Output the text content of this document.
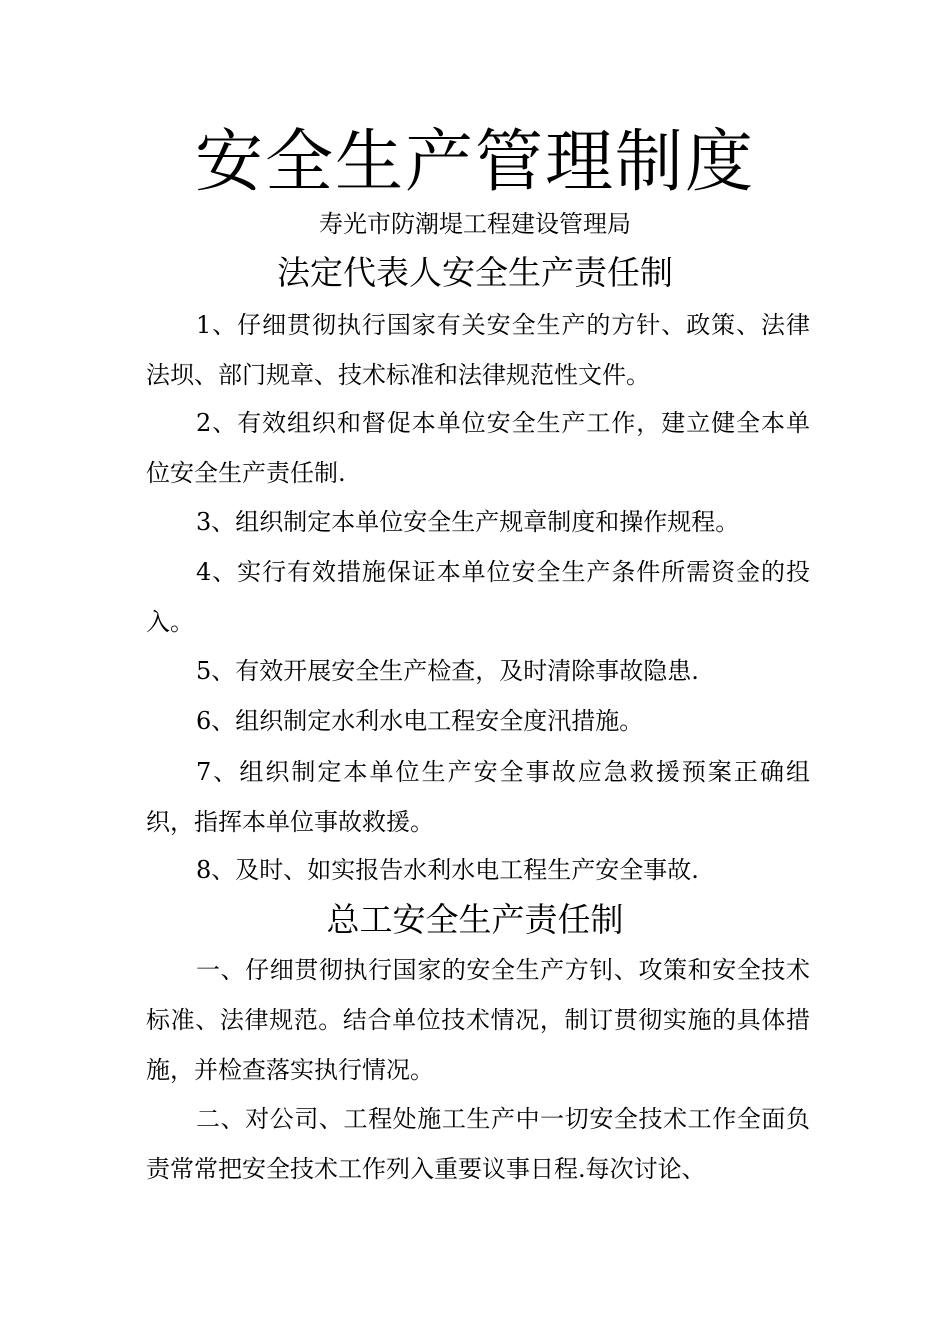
安全生产管理制度
寿光市防潮堤工程建设管理局
法定代表人安全生产责任制

1、仔细贯彻执行国家有关安全生产的方针、政策、法律法坝、部门规章、技术标准和法律规范性文件。

2、有效组织和督促本单位安全生产工作，建立健全本单位安全生产责任制.

3、组织制定本单位安全生产规章制度和操作规程。

4、实行有效措施保证本单位安全生产条件所需资金的投入。

5、有效开展安全生产检查，及时清除事故隐患.

6、组织制定水利水电工程安全度汛措施。

7、组织制定本单位生产安全事故应急救援预案正确组织，指挥本单位事故救援。

8、及时、如实报告水利水电工程生产安全事故.

总工安全生产责任制

一、仔细贯彻执行国家的安全生产方钊、攻策和安全技术标准、法律规范。结合单位技术情况，制订贯彻实施的具体措施，并检查落实执行情况。

二、对公司、工程处施工生产中一切安全技术工作全面负责常常把安全技术工作列入重要议事日程.每次讨论、
